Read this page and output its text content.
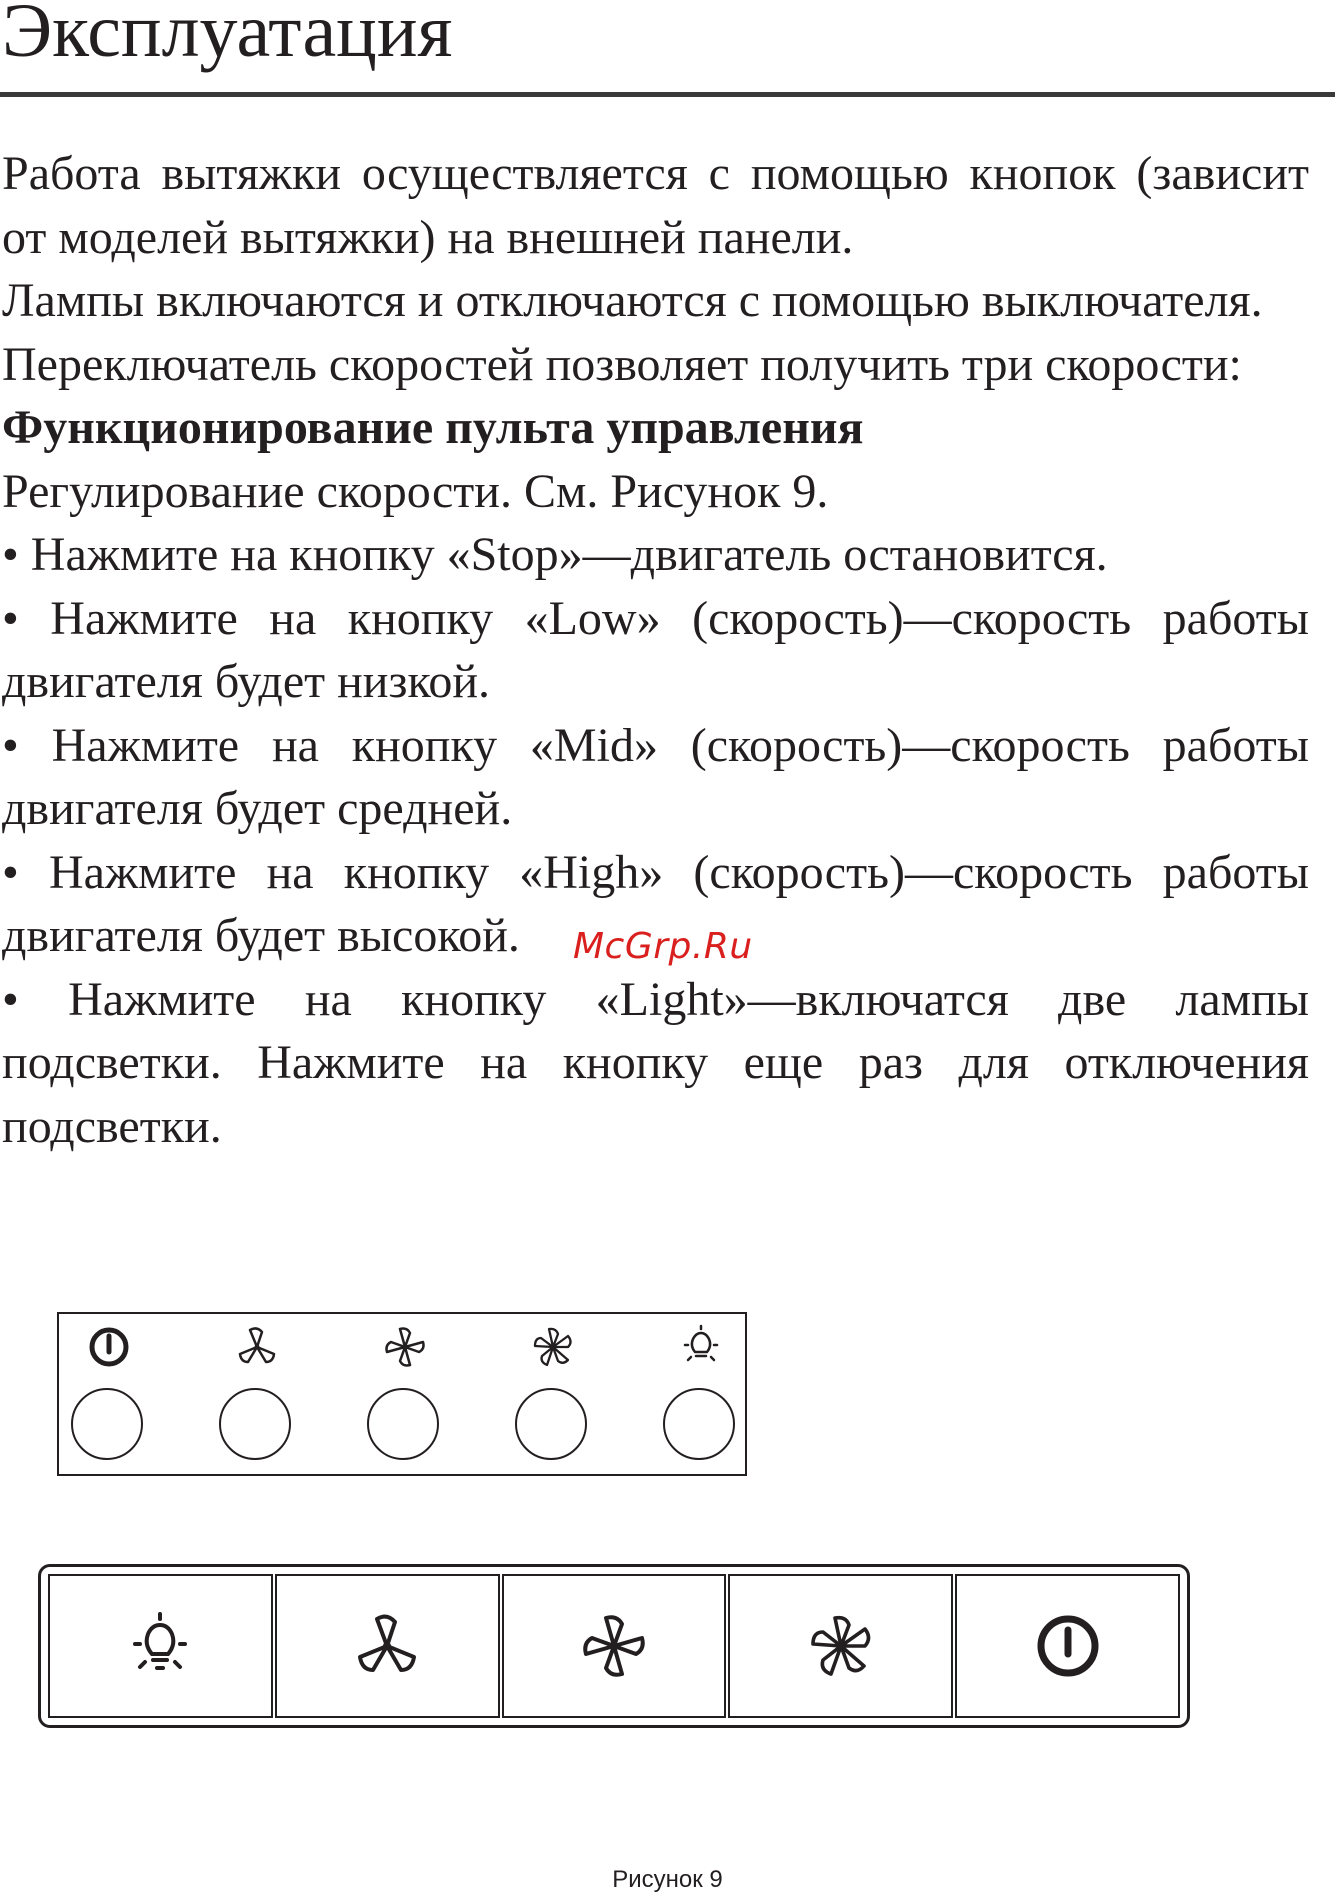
Эксплуатация

Работа вытяжки осуществляется с помощью кнопок (зависит от моделей вытяжки) на внешней панели.

Лампы включаются и отключаются с помощью выключателя.

Переключатель скоростей позволяет получить три скорости:

Функционирование пульта управления

Регулирование скорости. См. Рисунок 9.

• Нажмите на кнопку «Stop»—двигатель остановится.

• Нажмите на кнопку «Low» (скорость)—скорость работы двигателя будет низкой.

• Нажмите на кнопку «Mid» (скорость)—скорость работы двигателя будет средней.

• Нажмите на кнопку «High» (скорость)—скорость работы двигателя будет высокой.

• Нажмите на кнопку «Light»—включатся две лампы подсветки. Нажмите на кнопку еще раз для отключения подсветки.

McGrp.Ru
Рисунок 9
